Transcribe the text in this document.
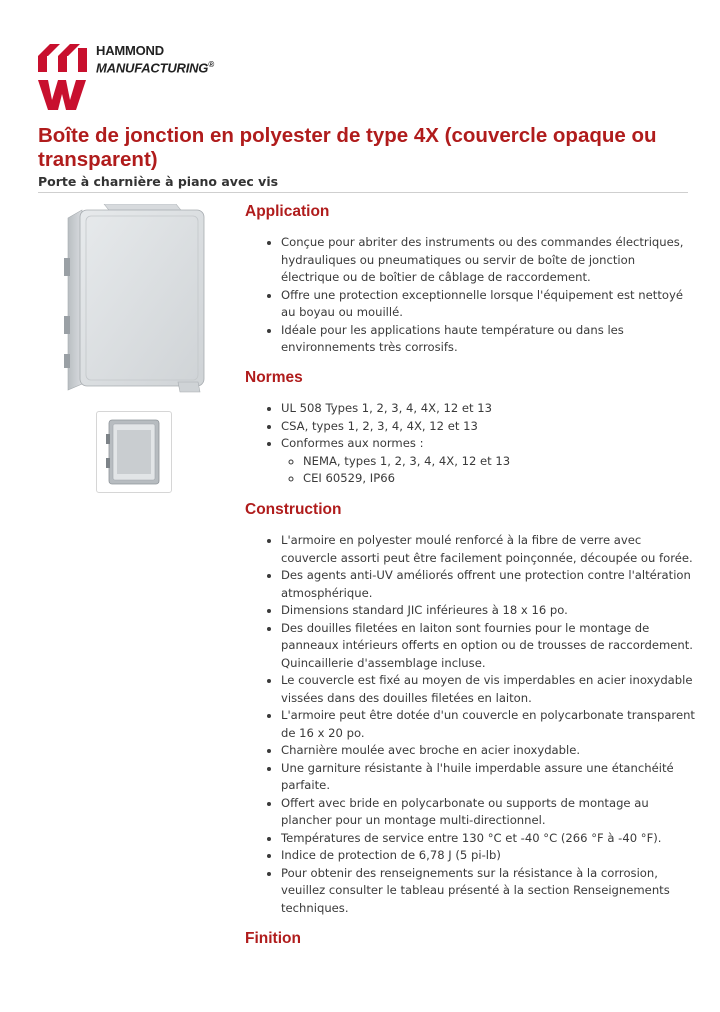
HAMMOND
MANUFACTURING®
Boîte de jonction en polyester de type 4X (couvercle opaque ou transparent)

Porte à charnière à piano avec vis

Application
• Conçue pour abriter des instruments ou des commandes électriques, hydrauliques ou pneumatiques ou servir de boîte de jonction électrique ou de boîtier de câblage de raccordement.
• Offre une protection exceptionnelle lorsque l'équipement est nettoyé au boyau ou mouillé.
• Idéale pour les applications haute température ou dans les environnements très corrosifs.
Normes
• UL 508 Types 1, 2, 3, 4, 4X, 12 et 13
• CSA, types 1, 2, 3, 4, 4X, 12 et 13
• Conformes aux normes :
◦ NEMA, types 1, 2, 3, 4, 4X, 12 et 13
◦ CEI 60529, IP66
Construction
• L'armoire en polyester moulé renforcé à la fibre de verre avec couvercle assorti peut être facilement poinçonnée, découpée ou forée.
• Des agents anti-UV améliorés offrent une protection contre l'altération atmosphérique.
• Dimensions standard JIC inférieures à 18 x 16 po.
• Des douilles filetées en laiton sont fournies pour le montage de panneaux intérieurs offerts en option ou de trousses de raccordement. Quincaillerie d'assemblage incluse.
• Le couvercle est fixé au moyen de vis imperdables en acier inoxydable vissées dans des douilles filetées en laiton.
• L'armoire peut être dotée d'un couvercle en polycarbonate transparent de 16 x 20 po.
• Charnière moulée avec broche en acier inoxydable.
• Une garniture résistante à l'huile imperdable assure une étanchéité parfaite.
• Offert avec bride en polycarbonate ou supports de montage au plancher pour un montage multi-directionnel.
• Températures de service entre 130 °C et -40 °C (266 °F à -40 °F).
• Indice de protection de 6,78 J (5 pi-lb)
• Pour obtenir des renseignements sur la résistance à la corrosion, veuillez consulter le tableau présenté à la section Renseignements techniques.
Finition
